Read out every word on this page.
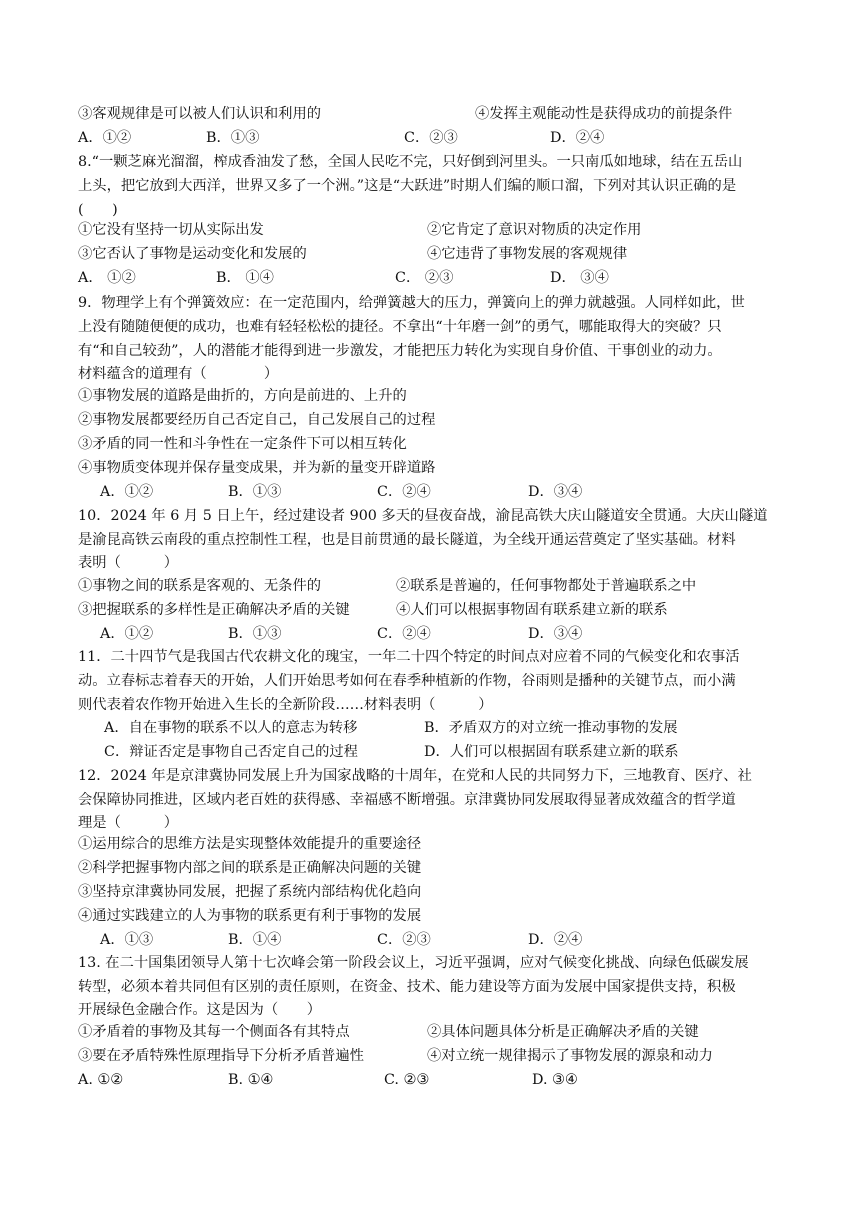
③客观规律是可以被人们认识和利用的	④发挥主观能动性是获得成功的前提条件
A．①②	B．①③	C．②③	D．②④
8.“一颗芝麻光溜溜，榨成香油发了愁，全国人民吃不完，只好倒到河里头。一只南瓜如地球，结在五岳山
上头，把它放到大西洋，世界又多了一个洲。”这是“大跃进”时期人们编的顺口溜，下列对其认识正确的是
(　　)
①它没有坚持一切从实际出发	②它肯定了意识对物质的决定作用
③它否认了事物是运动变化和发展的	④它违背了事物发展的客观规律
A． ①②	B． ①④	C． ②③	D． ③④
9．物理学上有个弹簧效应：在一定范围内，给弹簧越大的压力，弹簧向上的弹力就越强。人同样如此，世
上没有随随便便的成功，也难有轻轻松松的捷径。不拿出“十年磨一剑”的勇气，哪能取得大的突破？只
有“和自己较劲”，人的潜能才能得到进一步激发，才能把压力转化为实现自身价值、干事创业的动力。
材料蕴含的道理有（　　　　）
①事物发展的道路是曲折的，方向是前进的、上升的
②事物发展都要经历自己否定自己，自己发展自己的过程
③矛盾的同一性和斗争性在一定条件下可以相互转化
④事物质变体现并保存量变成果，并为新的量变开辟道路
A．①②	B．①③	C．②④	D．③④
10．2024 年 6 月 5 日上午，经过建设者 900 多天的昼夜奋战，渝昆高铁大庆山隧道安全贯通。大庆山隧道
是渝昆高铁云南段的重点控制性工程，也是目前贯通的最长隧道，为全线开通运营奠定了坚实基础。材料
表明（　　　）
①事物之间的联系是客观的、无条件的	②联系是普遍的，任何事物都处于普遍联系之中
③把握联系的多样性是正确解决矛盾的关键	④人们可以根据事物固有联系建立新的联系
A．①②	B．①③	C．②④	D．③④
11．二十四节气是我国古代农耕文化的瑰宝，一年二十四个特定的时间点对应着不同的气候变化和农事活
动。立春标志着春天的开始，人们开始思考如何在春季种植新的作物，谷雨则是播种的关键节点，而小满
则代表着农作物开始进入生长的全新阶段……材料表明（　　　）
A．自在事物的联系不以人的意志为转移	B．矛盾双方的对立统一推动事物的发展
C．辩证否定是事物自己否定自己的过程	D．人们可以根据固有联系建立新的联系
12．2024 年是京津冀协同发展上升为国家战略的十周年，在党和人民的共同努力下，三地教育、医疗、社
会保障协同推进，区域内老百姓的获得感、幸福感不断增强。京津冀协同发展取得显著成效蕴含的哲学道
理是（　　　）
①运用综合的思维方法是实现整体效能提升的重要途径
②科学把握事物内部之间的联系是正确解决问题的关键
③坚持京津冀协同发展，把握了系统内部结构优化趋向
④通过实践建立的人为事物的联系更有利于事物的发展
A．①③	B．①④	C．②③	D．②④
13. 在二十国集团领导人第十七次峰会第一阶段会议上，习近平强调，应对气候变化挑战、向绿色低碳发展
转型，必须本着共同但有区别的责任原则，在资金、技术、能力建设等方面为发展中国家提供支持，积极
开展绿色金融合作。这是因为（　　）
①矛盾着的事物及其每一个侧面各有其特点	②具体问题具体分析是正确解决矛盾的关键
③要在矛盾特殊性原理指导下分析矛盾普遍性	④对立统一规律揭示了事物发展的源泉和动力
A. ①②	B. ①④	C. ②③	D. ③④
